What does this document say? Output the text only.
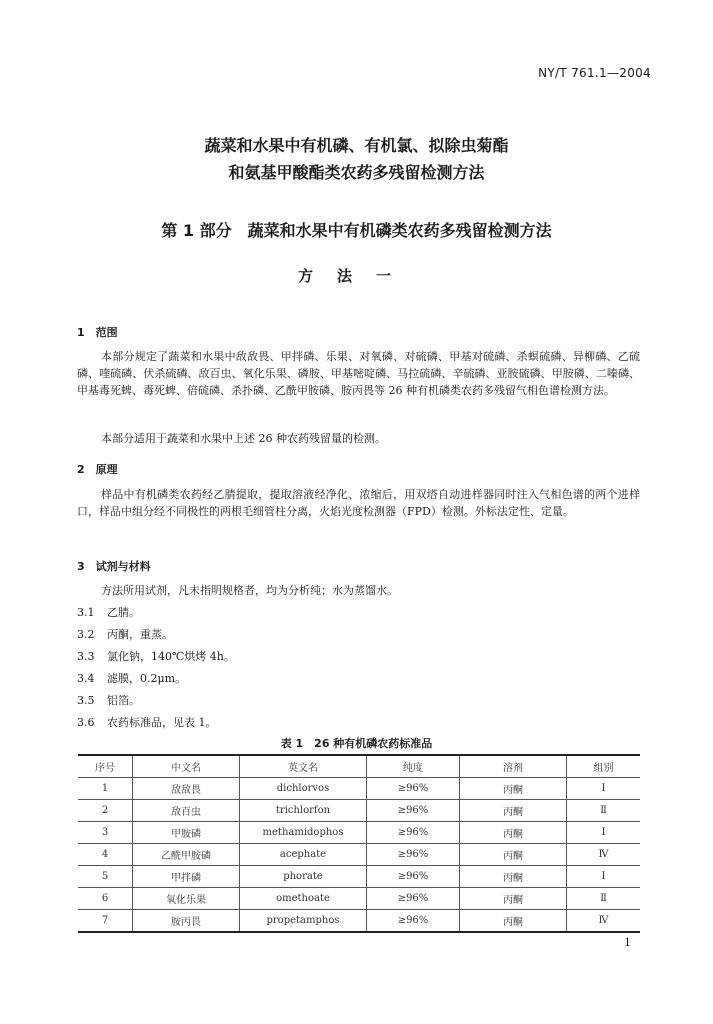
NY/T 761.1—2004
蔬菜和水果中有机磷、有机氯、拟除虫菊酯
和氨基甲酸酯类农药多残留检测方法
第 1 部分　蔬菜和水果中有机磷类农药多残留检测方法
方法一
1　范围
本部分规定了蔬菜和水果中敌敌畏、甲拌磷、乐果、对氧磷、对硫磷、甲基对硫磷、杀螟硫磷、异柳磷、乙硫磷、喹硫磷、伏杀硫磷、敌百虫、氧化乐果、磷胺、甲基嘧啶磷、马拉硫磷、辛硫磷、亚胺硫磷、甲胺磷、二嗪磷、甲基毒死蜱、毒死蜱、倍硫磷、杀扑磷、乙酰甲胺磷、胺丙畏等 26 种有机磷类农药多残留气相色谱检测方法。
本部分适用于蔬菜和水果中上述 26 种农药残留量的检测。
2　原理
样品中有机磷类农药经乙腈提取，提取溶液经净化、浓缩后，用双塔自动进样器同时注入气相色谱的两个进样口，样品中组分经不同极性的两根毛细管柱分离，火焰光度检测器（FPD）检测。外标法定性、定量。
3　试剂与材料
方法所用试剂，凡未指明规格者，均为分析纯；水为蒸馏水。
3.1 乙腈。
3.2 丙酮，重蒸。
3.3 氯化钠，140℃烘烤 4h。
3.4 滤膜，0.2μm。
3.5 铝箔。
3.6 农药标准品，见表 1。
表 1　26 种有机磷农药标准品
序号	中文名	英文名	纯度	溶剂	组别
1	敌敌畏	dichlorvos	≥96%	丙酮	Ⅰ
2	敌百虫	trichlorfon	≥96%	丙酮	Ⅱ
3	甲胺磷	methamidophos	≥96%	丙酮	Ⅰ
4	乙酰甲胺磷	acephate	≥96%	丙酮	Ⅳ
5	甲拌磷	phorate	≥96%	丙酮	Ⅰ
6	氧化乐果	omethoate	≥96%	丙酮	Ⅱ
7	胺丙畏	propetamphos	≥96%	丙酮	Ⅳ
1
